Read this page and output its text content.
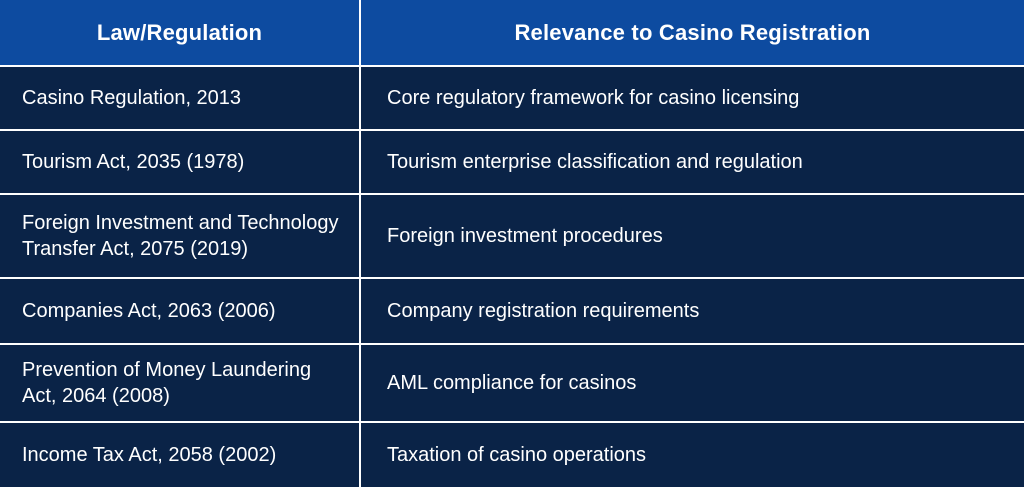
Law/Regulation	Relevance to Casino Registration
Casino Regulation, 2013	Core regulatory framework for casino licensing
Tourism Act, 2035 (1978)	Tourism enterprise classification and regulation
Foreign Investment and Technology Transfer Act, 2075 (2019)	Foreign investment procedures
Companies Act, 2063 (2006)	Company registration requirements
Prevention of Money Laundering Act, 2064 (2008)	AML compliance for casinos
Income Tax Act, 2058 (2002)	Taxation of casino operations
